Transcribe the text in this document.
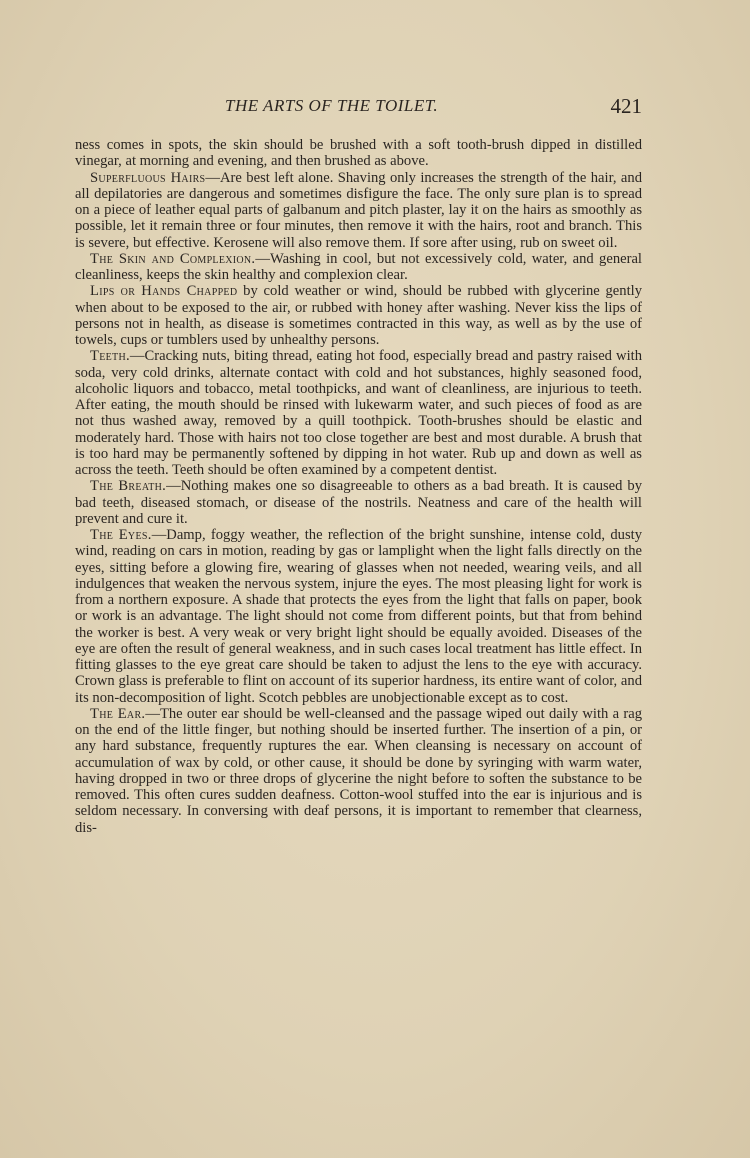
THE ARTS OF THE TOILET.	421

ness comes in spots, the skin should be brushed with a soft tooth-brush dipped in distilled vinegar, at morning and evening, and then brushed as above.

Superfluous Hairs—Are best left alone. Shaving only increases the strength of the hair, and all depilatories are dangerous and sometimes disfigure the face. The only sure plan is to spread on a piece of leather equal parts of galbanum and pitch plaster, lay it on the hairs as smoothly as possible, let it remain three or four minutes, then remove it with the hairs, root and branch. This is severe, but effective. Kerosene will also remove them. If sore after using, rub on sweet oil.

The Skin and Complexion.—Washing in cool, but not excessively cold, water, and general cleanliness, keeps the skin healthy and complexion clear.

Lips or Hands Chapped by cold weather or wind, should be rubbed with glycerine gently when about to be exposed to the air, or rubbed with honey after washing. Never kiss the lips of persons not in health, as disease is sometimes contracted in this way, as well as by the use of towels, cups or tumblers used by unhealthy persons.

Teeth.—Cracking nuts, biting thread, eating hot food, especially bread and pastry raised with soda, very cold drinks, alternate contact with cold and hot substances, highly seasoned food, alcoholic liquors and tobacco, metal toothpicks, and want of cleanliness, are injurious to teeth. After eating, the mouth should be rinsed with lukewarm water, and such pieces of food as are not thus washed away, removed by a quill toothpick. Tooth-brushes should be elastic and moderately hard. Those with hairs not too close together are best and most durable. A brush that is too hard may be permanently softened by dipping in hot water. Rub up and down as well as across the teeth. Teeth should be often examined by a competent dentist.

The Breath.—Nothing makes one so disagreeable to others as a bad breath. It is caused by bad teeth, diseased stomach, or disease of the nostrils. Neatness and care of the health will prevent and cure it.

The Eyes.—Damp, foggy weather, the reflection of the bright sunshine, intense cold, dusty wind, reading on cars in motion, reading by gas or lamplight when the light falls directly on the eyes, sitting before a glowing fire, wearing of glasses when not needed, wearing veils, and all indulgences that weaken the nervous system, injure the eyes. The most pleasing light for work is from a northern exposure. A shade that protects the eyes from the light that falls on paper, book or work is an advantage. The light should not come from different points, but that from behind the worker is best. A very weak or very bright light should be equally avoided. Diseases of the eye are often the result of general weakness, and in such cases local treatment has little effect. In fitting glasses to the eye great care should be taken to adjust the lens to the eye with accuracy. Crown glass is preferable to flint on account of its superior hardness, its entire want of color, and its non-decomposition of light. Scotch pebbles are unobjectionable except as to cost.

The Ear.—The outer ear should be well-cleansed and the passage wiped out daily with a rag on the end of the little finger, but nothing should be inserted further. The insertion of a pin, or any hard substance, frequently ruptures the ear. When cleansing is necessary on account of accumulation of wax by cold, or other cause, it should be done by syringing with warm water, having dropped in two or three drops of glycerine the night before to soften the substance to be removed. This often cures sudden deafness. Cotton-wool stuffed into the ear is injurious and is seldom necessary. In conversing with deaf persons, it is important to remember that clearness, dis-
